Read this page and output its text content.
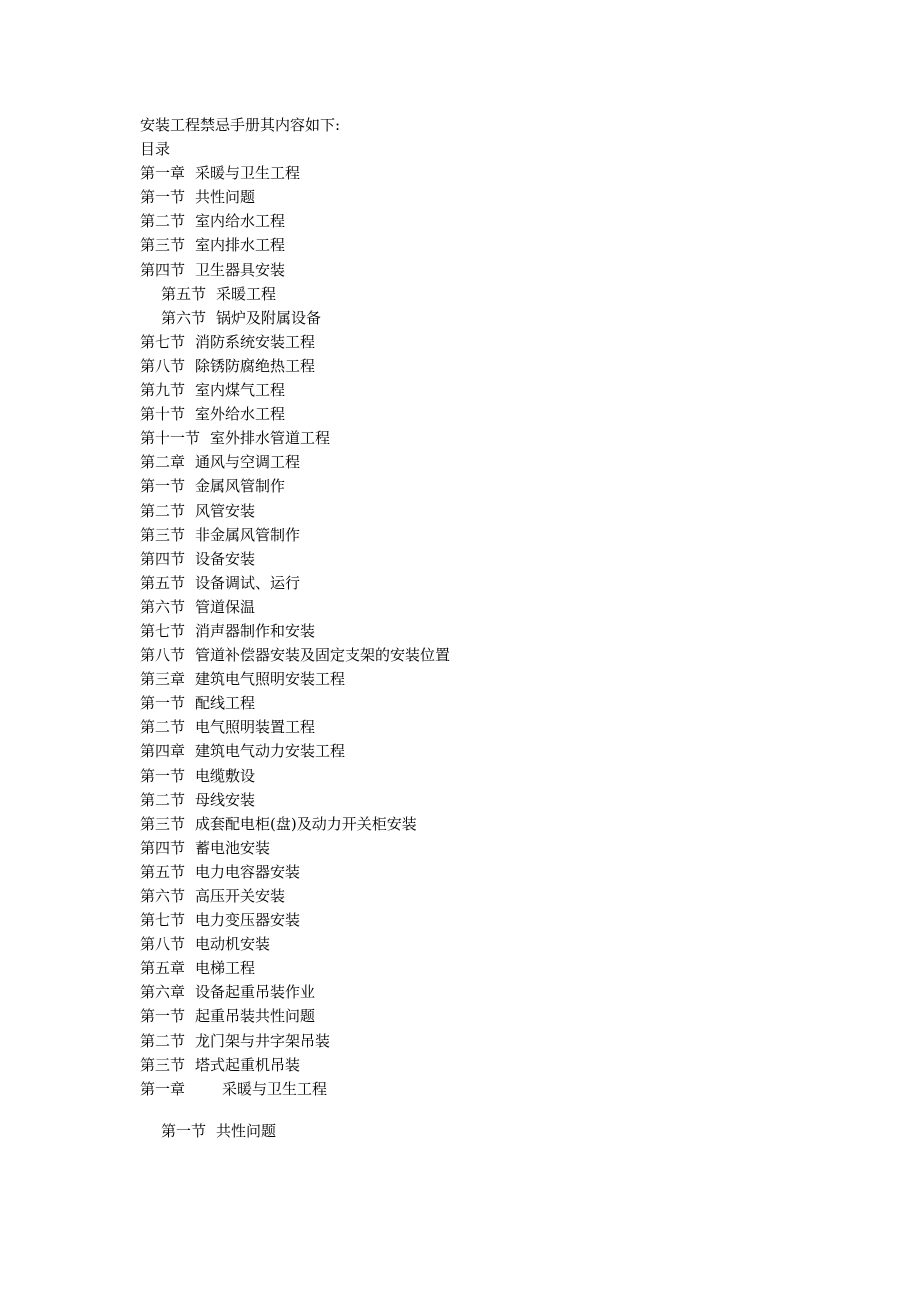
安装工程禁忌手册其内容如下:
目录
第一章 采暖与卫生工程
第一节 共性问题
第二节 室内给水工程
第三节 室内排水工程
第四节 卫生器具安装
第五节 采暖工程
第六节 锅炉及附属设备
第七节 消防系统安装工程
第八节 除锈防腐绝热工程
第九节 室内煤气工程
第十节 室外给水工程
第十一节 室外排水管道工程
第二章 通风与空调工程
第一节 金属风管制作
第二节 风管安装
第三节 非金属风管制作
第四节 设备安装
第五节 设备调试、运行
第六节 管道保温
第七节 消声器制作和安装
第八节 管道补偿器安装及固定支架的安装位置
第三章 建筑电气照明安装工程
第一节 配线工程
第二节 电气照明装置工程
第四章 建筑电气动力安装工程
第一节 电缆敷设
第二节 母线安装
第三节 成套配电柜(盘)及动力开关柜安装
第四节 蓄电池安装
第五节 电力电容器安装
第六节 高压开关安装
第七节 电力变压器安装
第八节 电动机安装
第五章 电梯工程
第六章 设备起重吊装作业
第一节 起重吊装共性问题
第二节 龙门架与井字架吊装
第三节 塔式起重机吊装
第一章 采暖与卫生工程
第一节 共性问题
